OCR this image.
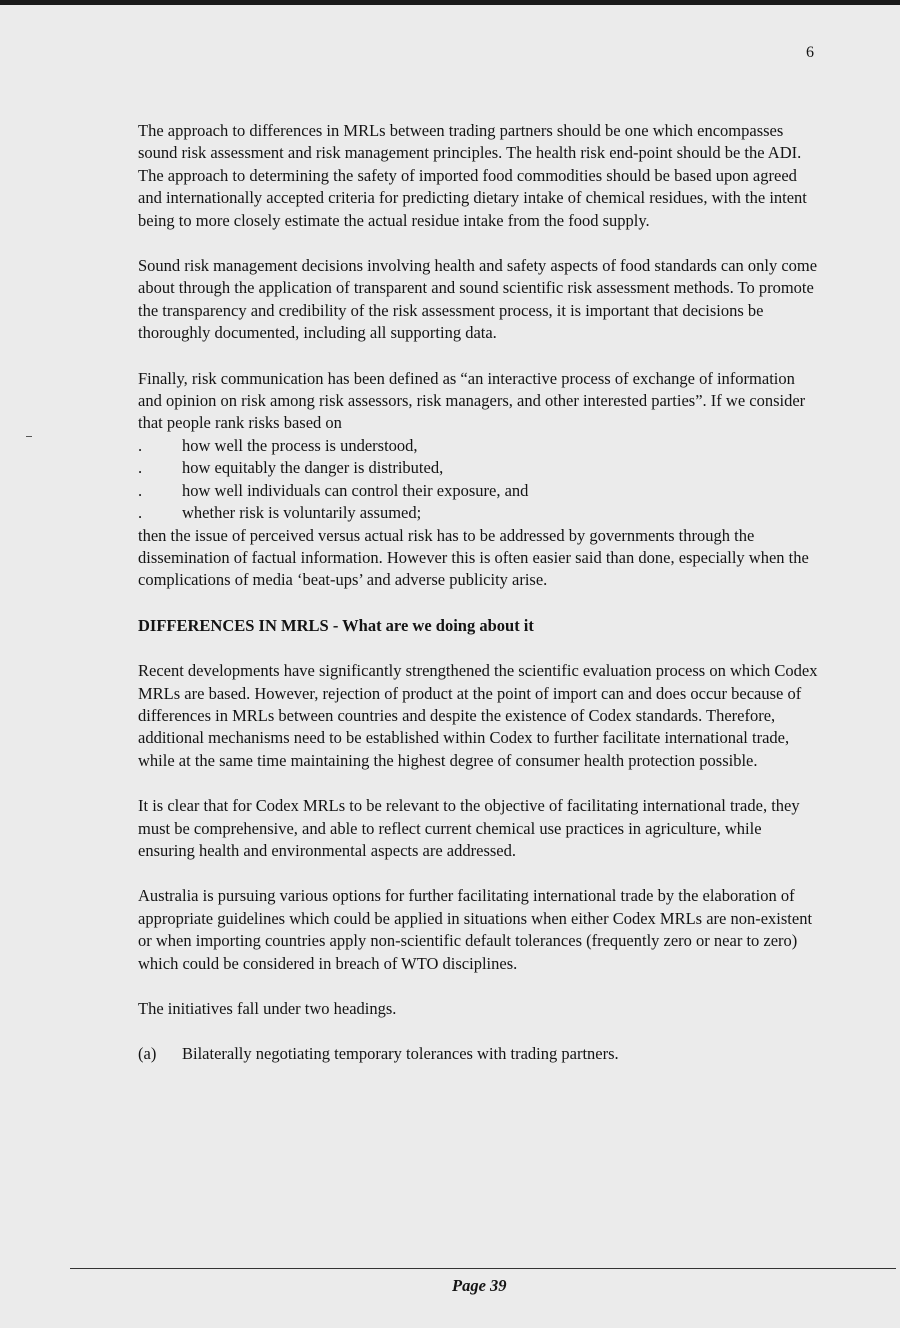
6

The approach to differences in MRLs between trading partners should be one which encompasses sound risk assessment and risk management principles. The health risk end-point should be the ADI. The approach to determining the safety of imported food commodities should be based upon agreed and internationally accepted criteria for predicting dietary intake of chemical residues, with the intent being to more closely estimate the actual residue intake from the food supply.

Sound risk management decisions involving health and safety aspects of food standards can only come about through the application of transparent and sound scientific risk assessment methods. To promote the transparency and credibility of the risk assessment process, it is important that decisions be thoroughly documented, including all supporting data.

Finally, risk communication has been defined as “an interactive process of exchange of information and opinion on risk among risk assessors, risk managers, and other interested parties”. If we consider that people rank risks based on

. how well the process is understood,
. how equitably the danger is distributed,
. how well individuals can control their exposure, and
. whether risk is voluntarily assumed;

then the issue of perceived versus actual risk has to be addressed by governments through the dissemination of factual information. However this is often easier said than done, especially when the complications of media ‘beat-ups’ and adverse publicity arise.

DIFFERENCES IN MRLS - What are we doing about it

Recent developments have significantly strengthened the scientific evaluation process on which Codex MRLs are based. However, rejection of product at the point of import can and does occur because of differences in MRLs between countries and despite the existence of Codex standards. Therefore, additional mechanisms need to be established within Codex to further facilitate international trade, while at the same time maintaining the highest degree of consumer health protection possible.

It is clear that for Codex MRLs to be relevant to the objective of facilitating international trade, they must be comprehensive, and able to reflect current chemical use practices in agriculture, while ensuring health and environmental aspects are addressed.

Australia is pursuing various options for further facilitating international trade by the elaboration of appropriate guidelines which could be applied in situations when either Codex MRLs are non-existent or when importing countries apply non-scientific default tolerances (frequently zero or near to zero) which could be considered in breach of WTO disciplines.

The initiatives fall under two headings.

(a) Bilaterally negotiating temporary tolerances with trading partners.
Page 39
